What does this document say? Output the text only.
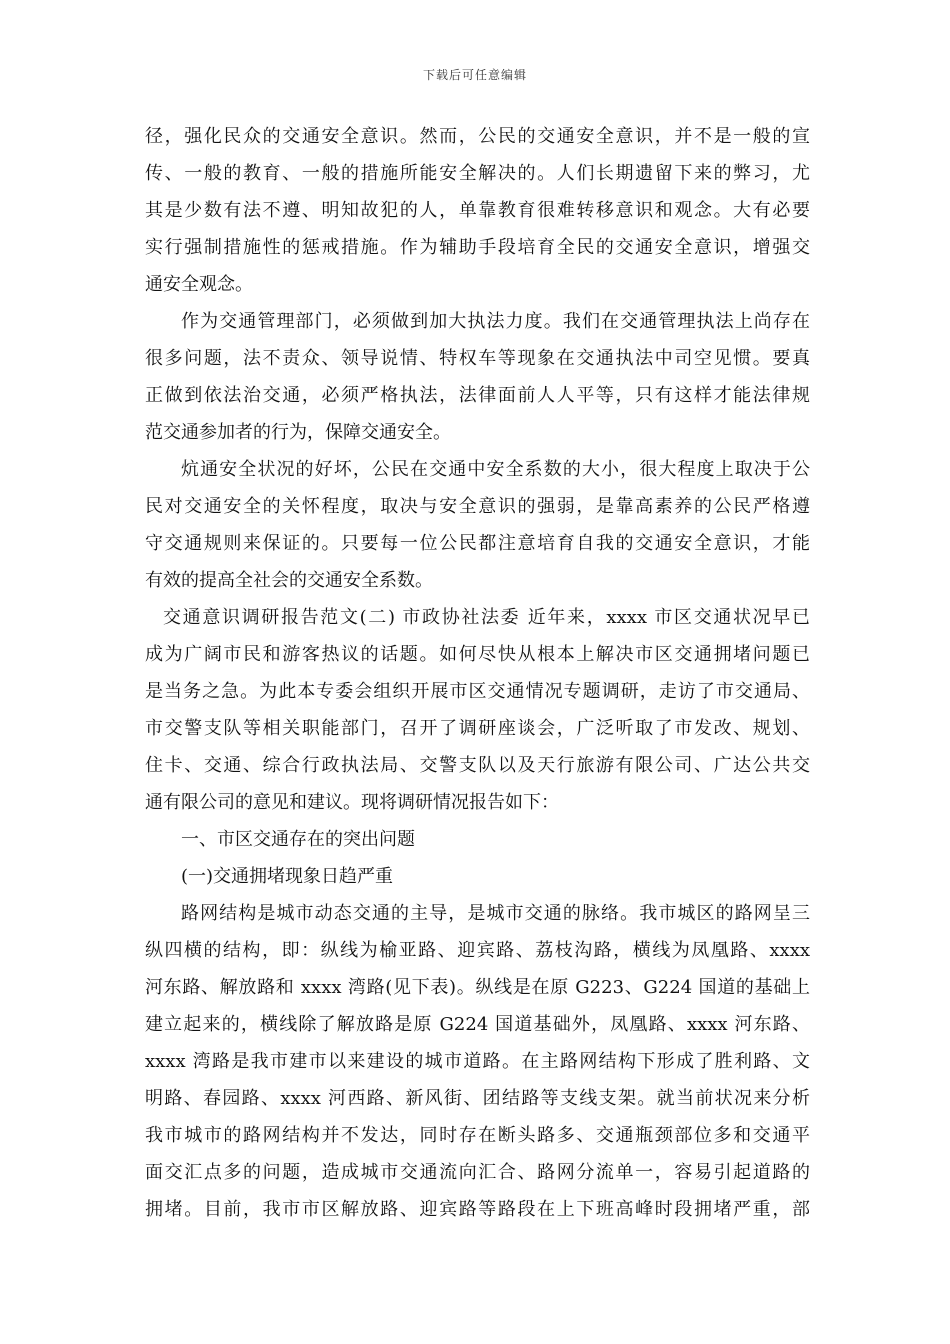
下载后可任意编辑
径，强化民众的交通安全意识。然而，公民的交通安全意识，并不是一般的宣
传、一般的教育、一般的措施所能安全解决的。人们长期遗留下来的弊习，尤
其是少数有法不遵、明知故犯的人，单靠教育很难转移意识和观念。大有必要
实行强制措施性的惩戒措施。作为辅助手段培育全民的交通安全意识，增强交
通安全观念。
作为交通管理部门，必须做到加大执法力度。我们在交通管理执法上尚存在
很多问题，法不责众、领导说情、特权车等现象在交通执法中司空见惯。要真
正做到依法治交通，必须严格执法，法律面前人人平等，只有这样才能法律规
范交通参加者的行为，保障交通安全。
炕通安全状况的好坏，公民在交通中安全系数的大小，很大程度上取决于公
民对交通安全的关怀程度，取决与安全意识的强弱，是靠高素养的公民严格遵
守交通规则来保证的。只要每一位公民都注意培育自我的交通安全意识，才能
有效的提高全社会的交通安全系数。
交通意识调研报告范文(二) 市政协社法委 近年来，xxxx 市区交通状况早已
成为广阔市民和游客热议的话题。如何尽快从根本上解决市区交通拥堵问题已
是当务之急。为此本专委会组织开展市区交通情况专题调研，走访了市交通局、
市交警支队等相关职能部门，召开了调研座谈会，广泛听取了市发改、规划、
住卡、交通、综合行政执法局、交警支队以及天行旅游有限公司、广达公共交
通有限公司的意见和建议。现将调研情况报告如下：
一、市区交通存在的突出问题
(一)交通拥堵现象日趋严重
路网结构是城市动态交通的主导，是城市交通的脉络。我市城区的路网呈三
纵四横的结构，即：纵线为榆亚路、迎宾路、荔枝沟路，横线为凤凰路、xxxx
河东路、解放路和 xxxx 湾路(见下表)。纵线是在原 G223、G224 国道的基础上
建立起来的，横线除了解放路是原 G224 国道基础外，凤凰路、xxxx 河东路、
xxxx 湾路是我市建市以来建设的城市道路。在主路网结构下形成了胜利路、文
明路、春园路、xxxx 河西路、新风街、团结路等支线支架。就当前状况来分析
我市城市的路网结构并不发达，同时存在断头路多、交通瓶颈部位多和交通平
面交汇点多的问题，造成城市交通流向汇合、路网分流单一，容易引起道路的
拥堵。目前，我市市区解放路、迎宾路等路段在上下班高峰时段拥堵严重，部
